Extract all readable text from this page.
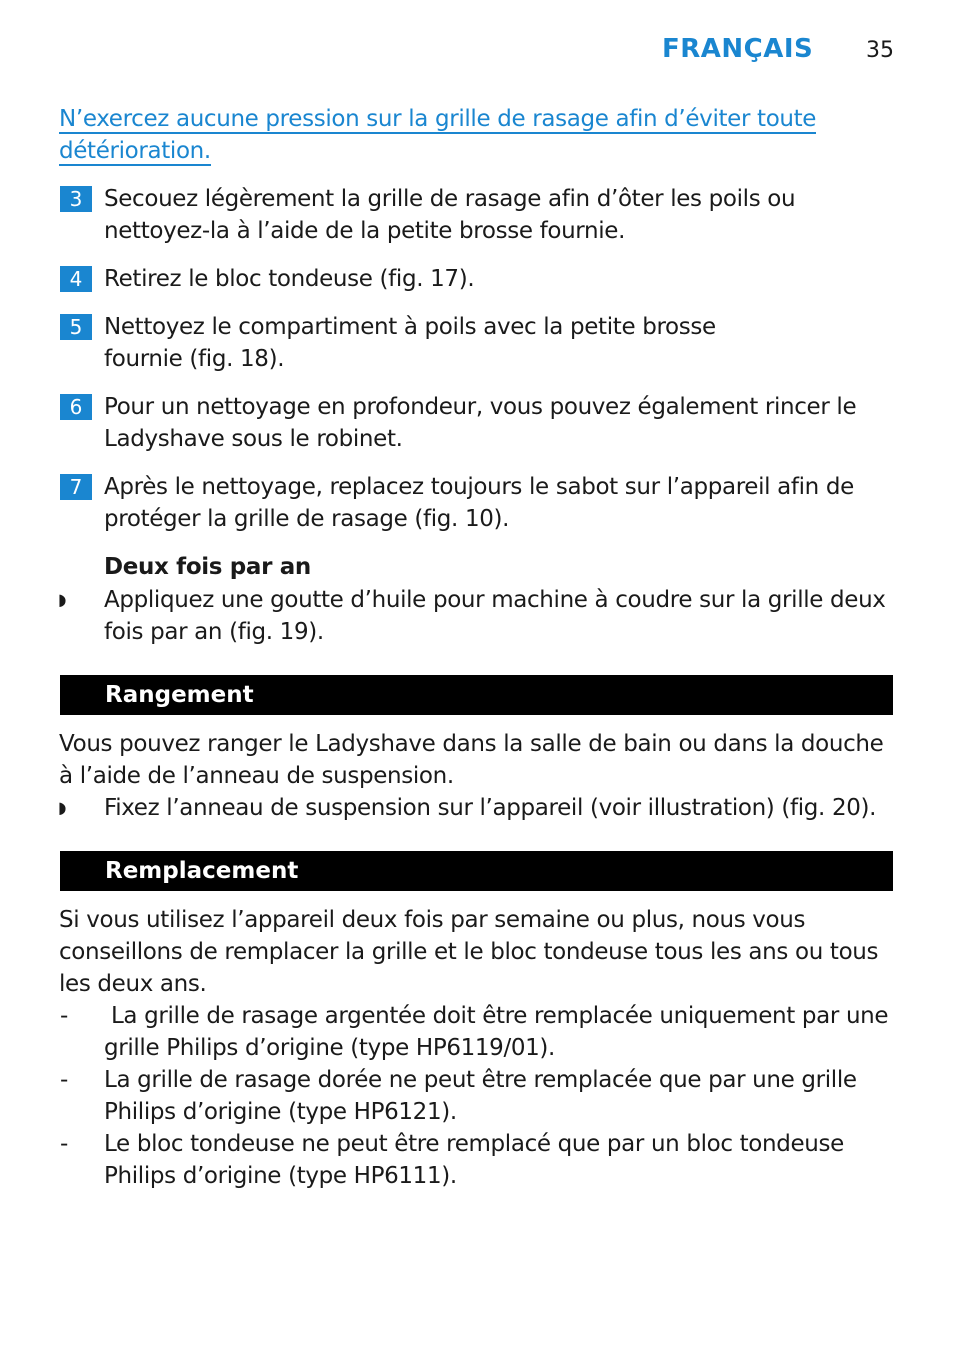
FRANÇAIS 35
N’exercez aucune pression sur la grille de rasage afin d’éviter toute détérioration.
3 Secouez légèrement la grille de rasage afin d’ôter les poils ou nettoyez-la à l’aide de la petite brosse fournie.
4 Retirez le bloc tondeuse (fig. 17).
5 Nettoyez le compartiment à poils avec la petite brosse fournie (fig. 18).
6 Pour un nettoyage en profondeur, vous pouvez également rincer le Ladyshave sous le robinet.
7 Après le nettoyage, replacez toujours le sabot sur l’appareil afin de protéger la grille de rasage (fig. 10).
Deux fois par an
◗ Appliquez une goutte d’huile pour machine à coudre sur la grille deux fois par an (fig. 19).
Rangement
Vous pouvez ranger le Ladyshave dans la salle de bain ou dans la douche à l’aide de l’anneau de suspension.
◗ Fixez l’anneau de suspension sur l’appareil (voir illustration) (fig. 20).
Remplacement
Si vous utilisez l’appareil deux fois par semaine ou plus, nous vous conseillons de remplacer la grille et le bloc tondeuse tous les ans ou tous les deux ans.
- La grille de rasage argentée doit être remplacée uniquement par une grille Philips d’origine (type HP6119/01).
- La grille de rasage dorée ne peut être remplacée que par une grille Philips d’origine (type HP6121).
- Le bloc tondeuse ne peut être remplacé que par un bloc tondeuse Philips d’origine (type HP6111).
